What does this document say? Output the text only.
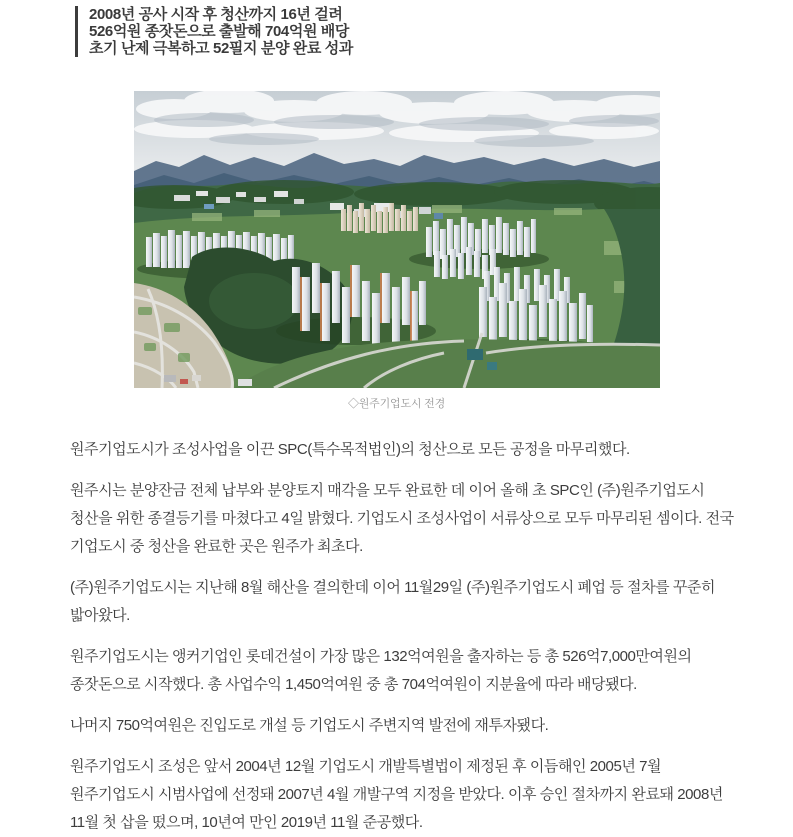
2008년 공사 시작 후 청산까지 16년 걸려
526억원 종잣돈으로 출발해 704억원 배당
초기 난제 극복하고 52필지 분양 완료 성과
◇원주기업도시 전경

원주기업도시가 조성사업을 이끈 SPC(특수목적법인)의 청산으로 모든 공정을 마무리했다.

원주시는 분양잔금 전체 납부와 분양토지 매각을 모두 완료한 데 이어 올해 초 SPC인 (주)원주기업도시 청산을 위한 종결등기를 마쳤다고 4일 밝혔다. 기업도시 조성사업이 서류상으로 모두 마무리된 셈이다. 전국 기업도시 중 청산을 완료한 곳은 원주가 최초다.

(주)원주기업도시는 지난해 8월 해산을 결의한데 이어 11월29일 (주)원주기업도시 폐업 등 절차를 꾸준히 밟아왔다.

원주기업도시는 앵커기업인 롯데건설이 가장 많은 132억여원을 출자하는 등 총 526억7,000만여원의 종잣돈으로 시작했다. 총 사업수익 1,450억여원 중 총 704억여원이 지분율에 따라 배당됐다.

나머지 750억여원은 진입도로 개설 등 기업도시 주변지역 발전에 재투자됐다.

원주기업도시 조성은 앞서 2004년 12월 기업도시 개발특별법이 제정된 후 이듬해인 2005년 7월 원주기업도시 시범사업에 선정돼 2007년 4월 개발구역 지정을 받았다. 이후 승인 절차까지 완료돼 2008년 11월 첫 삽을 떴으며, 10년여 만인 2019년 11월 준공했다.
